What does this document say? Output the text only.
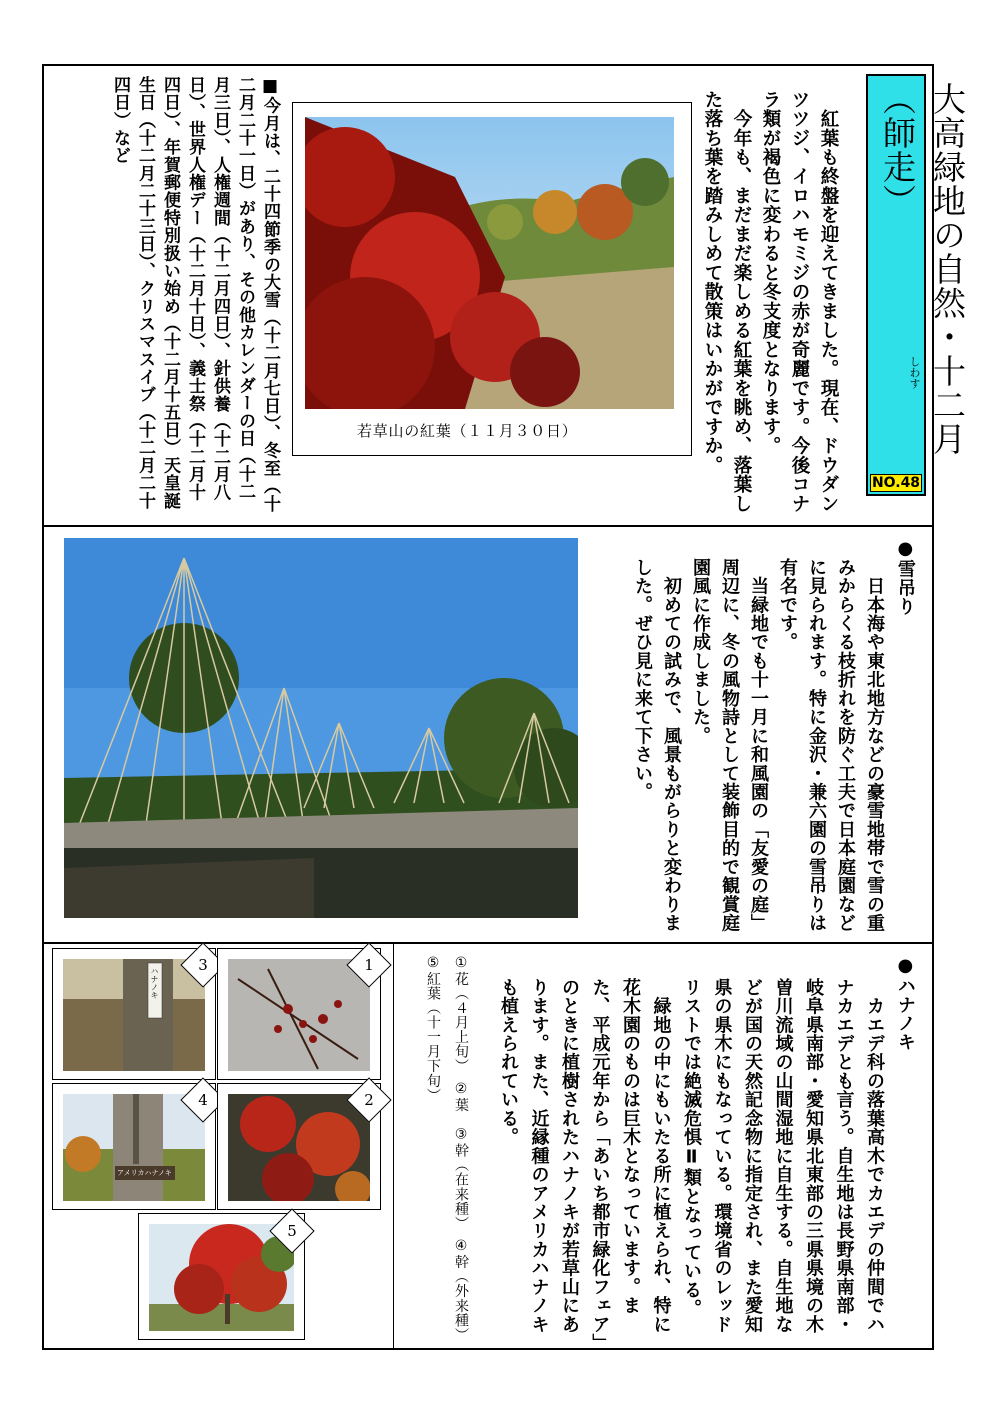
大高緑地の自然・十二月（師走）
しわす
NO.48
　紅葉も終盤を迎えてきました。現在、ドウダンツツジ、イロハモミジの赤が奇麗です。今後コナラ類が褐色に変わると冬支度となります。
　今年も、まだまだ楽しめる紅葉を眺め、落葉した落ち葉を踏みしめて散策はいかがですか。
若草山の紅葉（１１月３０日）
■今月は、二十四節季の大雪（十二月七日）、冬至（十二月二十一日）があり、その他カレンダーの日（十二月三日）、人権週間（十二月四日）、針供養（十二月八日）、世界人権デー（十二月十日）、義士祭（十二月十四日）、年賀郵便特別扱い始め（十二月十五日）天皇誕生日（十二月二十三日）、クリスマスイブ（十二月二十四日）など
●雪吊り
　日本海や東北地方などの豪雪地帯で雪の重みからくる枝折れを防ぐ工夫で日本庭園などに見られます。特に金沢・兼六園の雪吊りは有名です。
　当緑地でも十一月に和風園の「友愛の庭」周辺に、冬の風物詩として装飾目的で観賞庭園風に作成しました。
　初めての試みで、風景もがらりと変わりました。ぜひ見に来て下さい。
●ハナノキ
　カエデ科の落葉高木でカエデの仲間でハナカエデとも言う。自生地は長野県南部・岐阜県南部・愛知県北東部の三県県境の木曽川流域の山間湿地に自生する。自生地などが国の天然記念物に指定され、また愛知県の県木にもなっている。環境省のレッドリストでは絶滅危惧Ⅱ類となっている。
　緑地の中にもいたる所に植えられ、特に花木園のものは巨木となっています。また、平成元年から「あいち都市緑化フェア」のときに植樹されたハナノキが若草山にあります。また、近縁種のアメリカハナノキも植えられている。
①花（４月上旬）　②葉　③幹（在来種）　④幹（外来種）　⑤紅葉（十一月下旬）
ハナノキ
3	1
アメリカハナノキ
4	2
5
